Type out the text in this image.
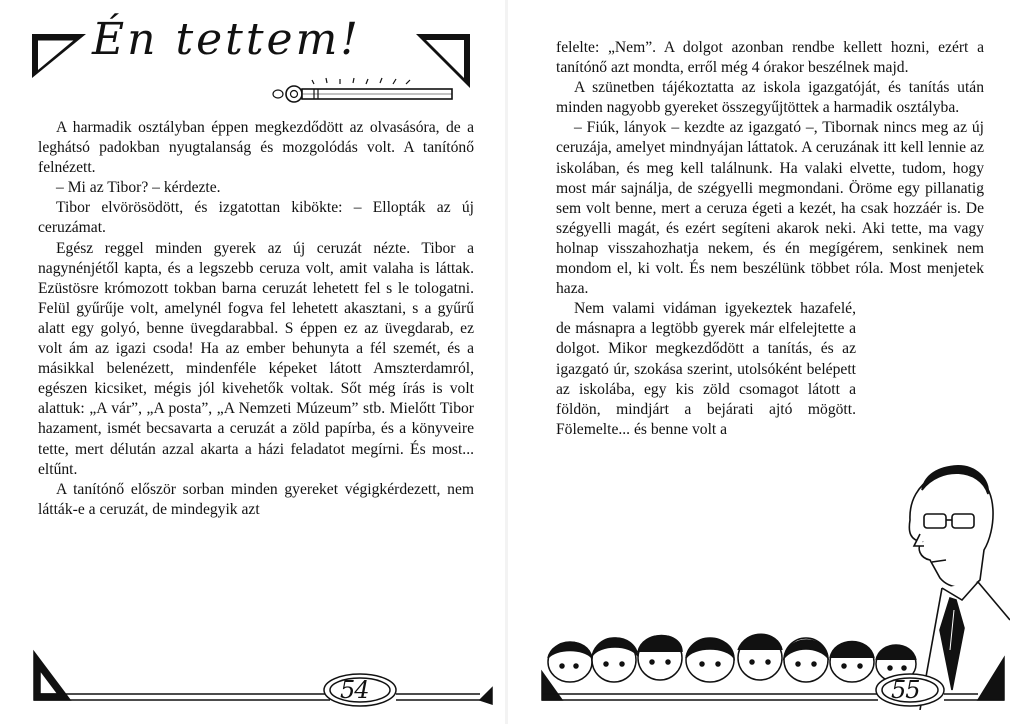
Én tettem!

A harmadik osztályban éppen megkezdődött az olvasásóra, de a leghátsó padokban nyugtalanság és mozgolódás volt. A tanítónő felnézett.

– Mi az Tibor? – kérdezte.

Tibor elvörösödött, és izgatottan kibökte: – Ellopták az új ceruzámat.

Egész reggel minden gyerek az új ceruzát nézte. Tibor a nagynénjétől kapta, és a legszebb ceruza volt, amit valaha is láttak. Ezüstösre krómozott tokban barna ceruzát lehetett fel s le tologatni. Felül gyűrűje volt, amelynél fogva fel lehetett akasztani, s a gyűrű alatt egy golyó, benne üvegdarabbal. S éppen ez az üvegdarab, ez volt ám az igazi csoda! Ha az ember behunyta a fél szemét, és a másikkal belenézett, mindenféle képeket látott Amszterdamról, egészen kicsiket, mégis jól kivehetők voltak. Sőt még írás is volt alattuk: „A vár”, „A posta”, „A Nemzeti Múzeum” stb. Mielőtt Tibor hazament, ismét becsavarta a ceruzát a zöld papírba, és a könyveire tette, mert délután azzal akarta a házi feladatot megírni. És most... eltűnt.

A tanítónő először sorban minden gyereket végigkérdezett, nem látták-e a ceruzát, de mindegyik azt

54

felelte: „Nem”. A dolgot azonban rendbe kellett hozni, ezért a tanítónő azt mondta, erről még 4 órakor beszélnek majd.

A szünetben tájékoztatta az iskola igazgatóját, és tanítás után minden nagyobb gyereket összegyűjtöttek a harmadik osztályba.

– Fiúk, lányok – kezdte az igazgató –, Tibornak nincs meg az új ceruzája, amelyet mindnyájan láttatok. A ceruzának itt kell lennie az iskolában, és meg kell találnunk. Ha valaki elvette, tudom, hogy most már sajnálja, de szégyelli megmondani. Öröme egy pillanatig sem volt benne, mert a ceruza égeti a kezét, ha csak hozzáér is. De szégyelli magát, és ezért segíteni akarok neki. Aki tette, ma vagy holnap visszahozhatja nekem, és én megígérem, senkinek nem mondom el, ki volt. És nem beszélünk többet róla. Most menjetek haza.

Nem valami vidáman igyekeztek hazafelé, de másnapra a legtöbb gyerek már elfelejtette a dolgot. Mikor megkezdődött a tanítás, és az igazgató úr, szokása szerint, utolsóként belépett az iskolába, egy kis zöld csomagot látott a földön, mindjárt a bejárati ajtó mögött. Fölemelte... és benne volt a

55
